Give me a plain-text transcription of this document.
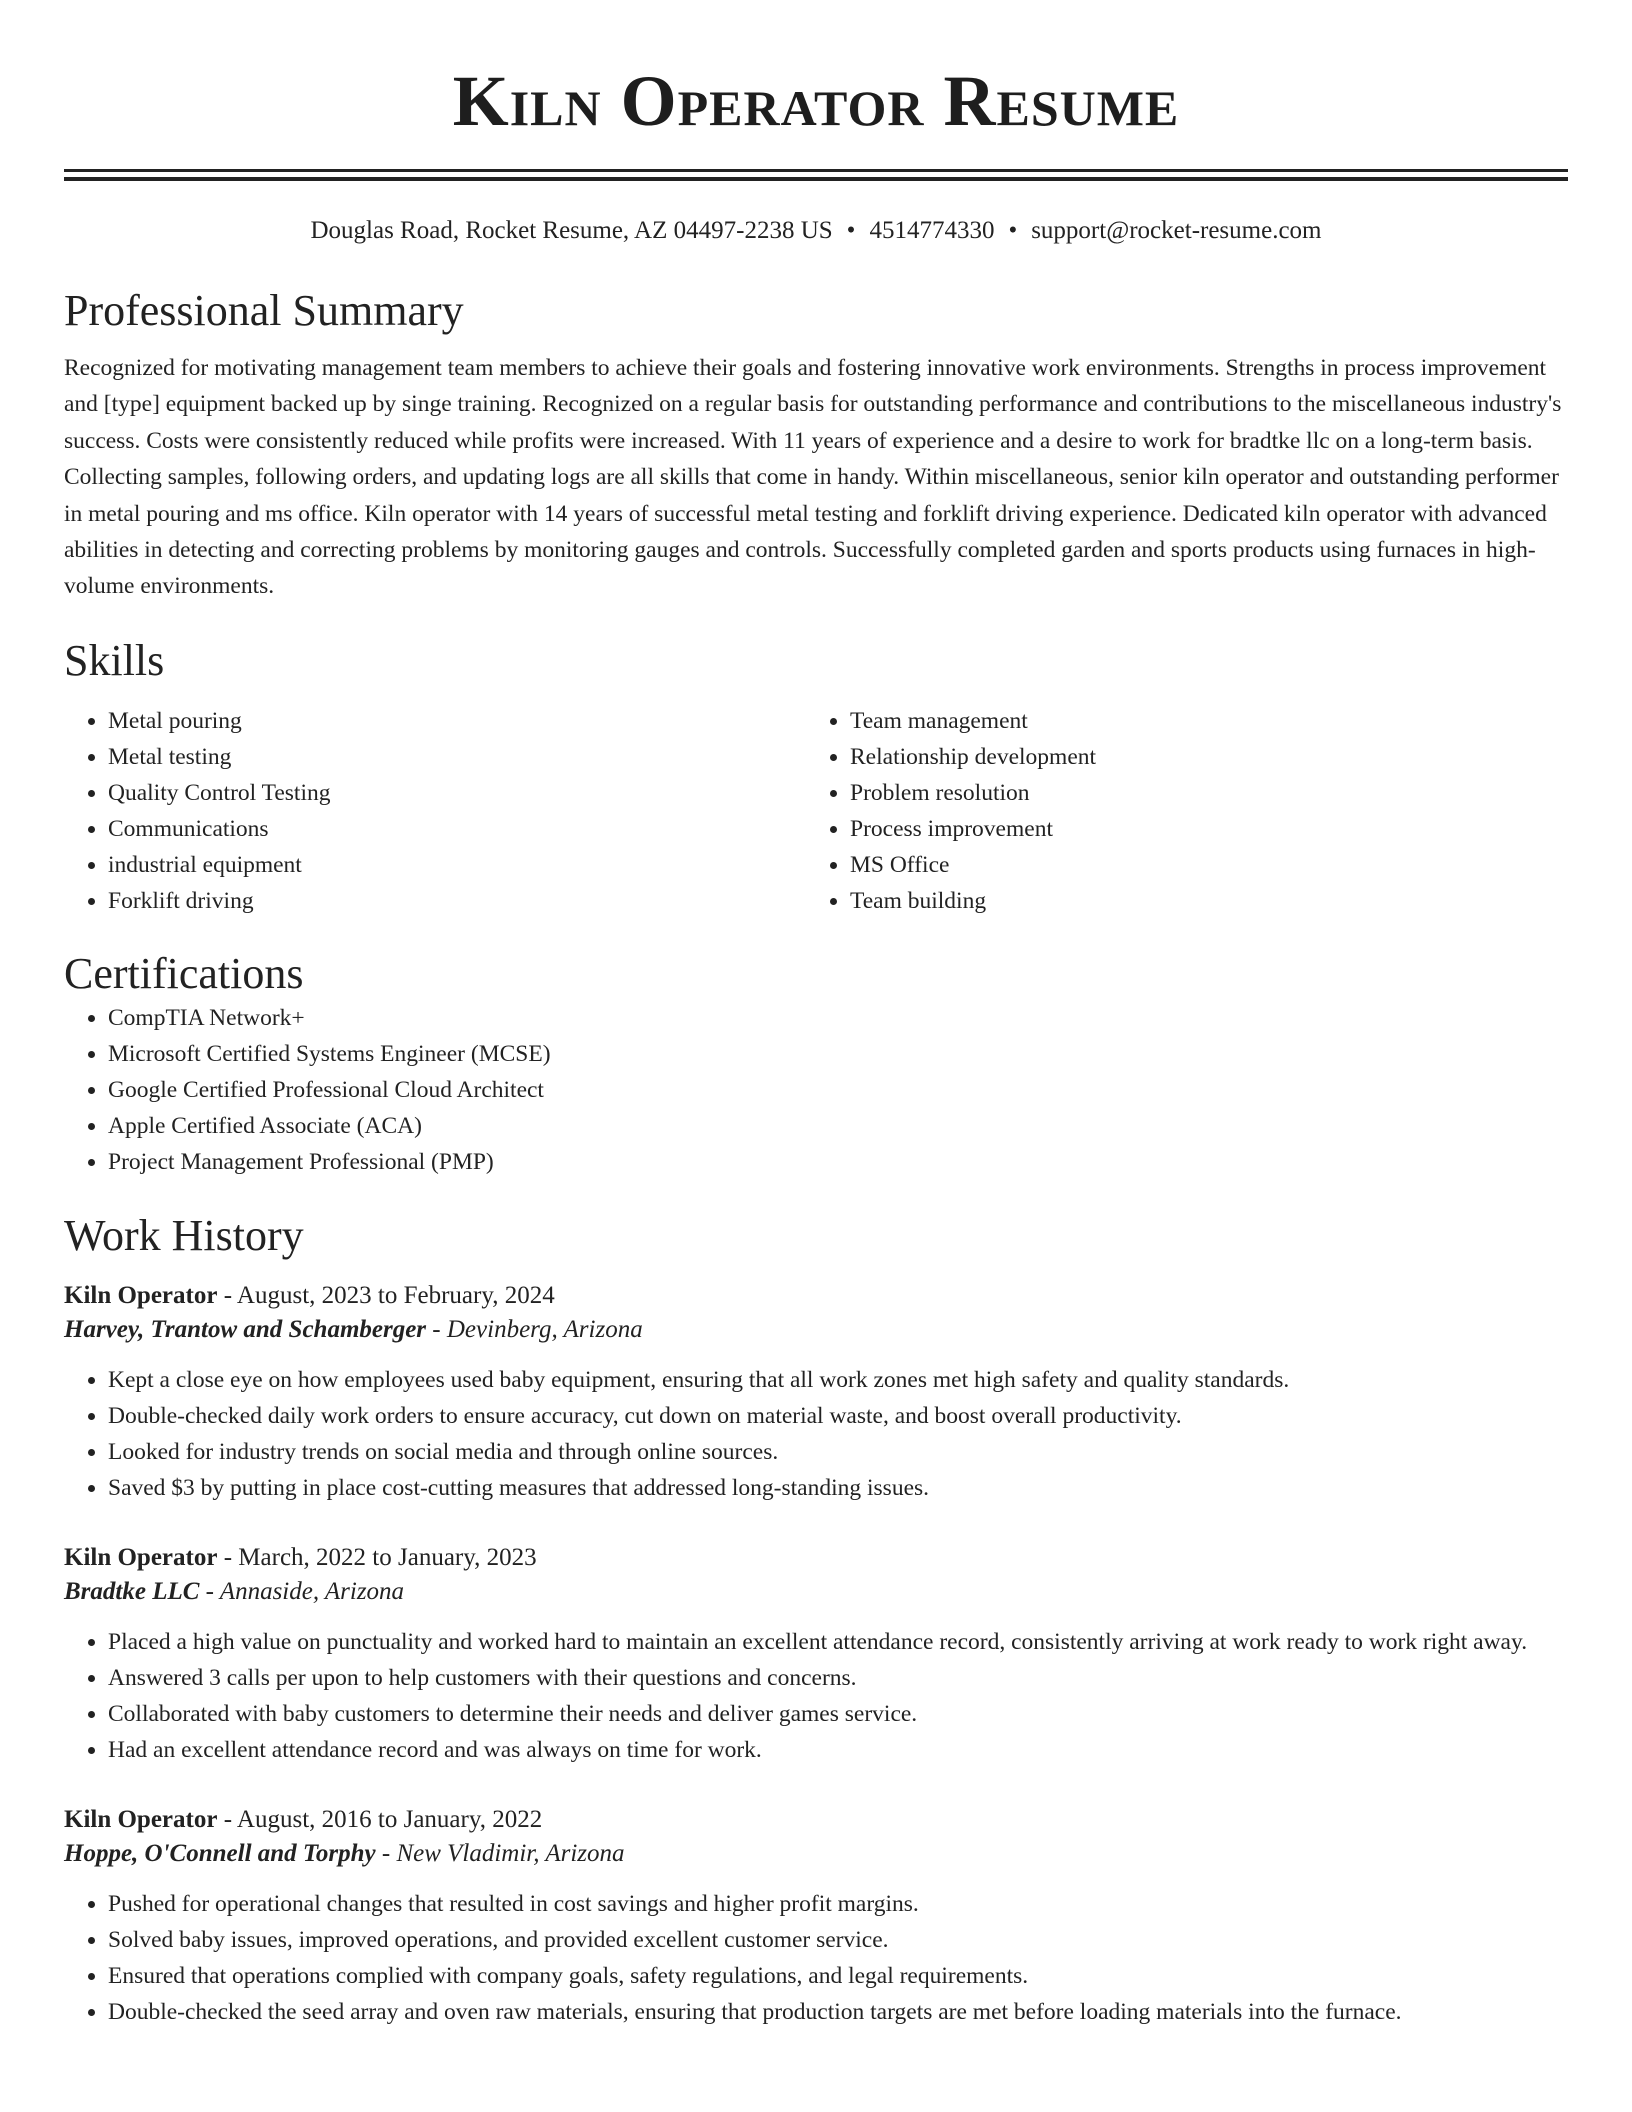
Kiln Operator Resume
Douglas Road, Rocket Resume, AZ 04497-2238 US • 4514774330 • support@rocket-resume.com
Professional Summary

Recognized for motivating management team members to achieve their goals and fostering innovative work environments. Strengths in process improvement and [type] equipment backed up by singe training. Recognized on a regular basis for outstanding performance and contributions to the miscellaneous industry's success. Costs were consistently reduced while profits were increased. With 11 years of experience and a desire to work for bradtke llc on a long-term basis. Collecting samples, following orders, and updating logs are all skills that come in handy. Within miscellaneous, senior kiln operator and outstanding performer in metal pouring and ms office. Kiln operator with 14 years of successful metal testing and forklift driving experience. Dedicated kiln operator with advanced abilities in detecting and correcting problems by monitoring gauges and controls. Successfully completed garden and sports products using furnaces in high-volume environments.

Skills
• Metal pouring
• Metal testing
• Quality Control Testing
• Communications
• industrial equipment
• Forklift driving
• Team management
• Relationship development
• Problem resolution
• Process improvement
• MS Office
• Team building
Certifications
• CompTIA Network+
• Microsoft Certified Systems Engineer (MCSE)
• Google Certified Professional Cloud Architect
• Apple Certified Associate (ACA)
• Project Management Professional (PMP)
Work History
Kiln Operator - August, 2023 to February, 2024
Harvey, Trantow and Schamberger - Devinberg, Arizona
• Kept a close eye on how employees used baby equipment, ensuring that all work zones met high safety and quality standards.
• Double-checked daily work orders to ensure accuracy, cut down on material waste, and boost overall productivity.
• Looked for industry trends on social media and through online sources.
• Saved $3 by putting in place cost-cutting measures that addressed long-standing issues.
Kiln Operator - March, 2022 to January, 2023
Bradtke LLC - Annaside, Arizona
• Placed a high value on punctuality and worked hard to maintain an excellent attendance record, consistently arriving at work ready to work right away.
• Answered 3 calls per upon to help customers with their questions and concerns.
• Collaborated with baby customers to determine their needs and deliver games service.
• Had an excellent attendance record and was always on time for work.
Kiln Operator - August, 2016 to January, 2022
Hoppe, O'Connell and Torphy - New Vladimir, Arizona
• Pushed for operational changes that resulted in cost savings and higher profit margins.
• Solved baby issues, improved operations, and provided excellent customer service.
• Ensured that operations complied with company goals, safety regulations, and legal requirements.
• Double-checked the seed array and oven raw materials, ensuring that production targets are met before loading materials into the furnace.
